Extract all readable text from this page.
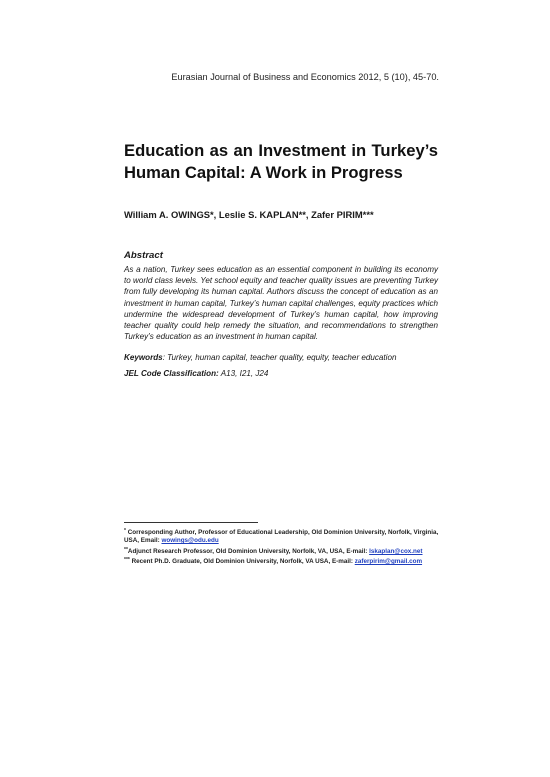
Eurasian Journal of Business and Economics 2012, 5 (10), 45-70.
Education as an Investment in Turkey’s
Human Capital: A Work in Progress
William A. OWINGS*, Leslie S. KAPLAN**, Zafer PIRIM***
Abstract

As a nation, Turkey sees education as an essential component in building its economy to world class levels. Yet school equity and teacher quality issues are preventing Turkey from fully developing its human capital. Authors discuss the concept of education as an investment in human capital, Turkey’s human capital challenges, equity practices which undermine the widespread development of Turkey’s human capital, how improving teacher quality could help remedy the situation, and recommendations to strengthen Turkey’s education as an investment in human capital.

Keywords: Turkey, human capital, teacher quality, equity, teacher education
JEL Code Classification: A13, I21, J24
* Corresponding Author, Professor of Educational Leadership, Old Dominion University, Norfolk, Virginia, USA, Email: wowings@odu.edu
**Adjunct Research Professor, Old Dominion University, Norfolk, VA, USA, E-mail: lskaplan@cox.net
*** Recent Ph.D. Graduate, Old Dominion University, Norfolk, VA USA, E-mail: zaferpirim@gmail.com
